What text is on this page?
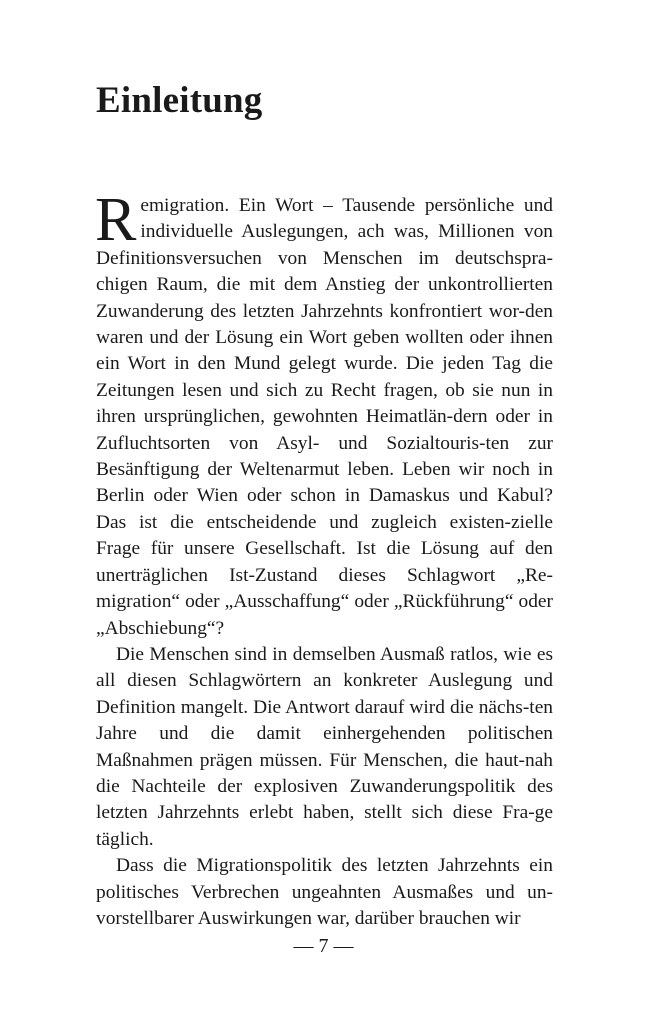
Einleitung

Remigration. Ein Wort – Tausende persönliche und individuelle Auslegungen, ach was, Millionen von Definitionsversuchen von Menschen im deutschspra-chigen Raum, die mit dem Anstieg der unkontrollierten Zuwanderung des letzten Jahrzehnts konfrontiert wor-den waren und der Lösung ein Wort geben wollten oder ihnen ein Wort in den Mund gelegt wurde. Die jeden Tag die Zeitungen lesen und sich zu Recht fragen, ob sie nun in ihren ursprünglichen, gewohnten Heimatlän-dern oder in Zufluchtsorten von Asyl- und Sozialtouris-ten zur Besänftigung der Weltenarmut leben. Leben wir noch in Berlin oder Wien oder schon in Damaskus und Kabul? Das ist die entscheidende und zugleich existen-zielle Frage für unsere Gesellschaft. Ist die Lösung auf den unerträglichen Ist-Zustand dieses Schlagwort „Re-migration“ oder „Ausschaffung“ oder „Rückführung“ oder „Abschiebung“?

Die Menschen sind in demselben Ausmaß ratlos, wie es all diesen Schlagwörtern an konkreter Auslegung und Definition mangelt. Die Antwort darauf wird die nächs-ten Jahre und die damit einhergehenden politischen Maßnahmen prägen müssen. Für Menschen, die haut-nah die Nachteile der explosiven Zuwanderungspolitik des letzten Jahrzehnts erlebt haben, stellt sich diese Fra-ge täglich.

Dass die Migrationspolitik des letzten Jahrzehnts ein politisches Verbrechen ungeahnten Ausmaßes und un-vorstellbarer Auswirkungen war, darüber brauchen wir

— 7 —
